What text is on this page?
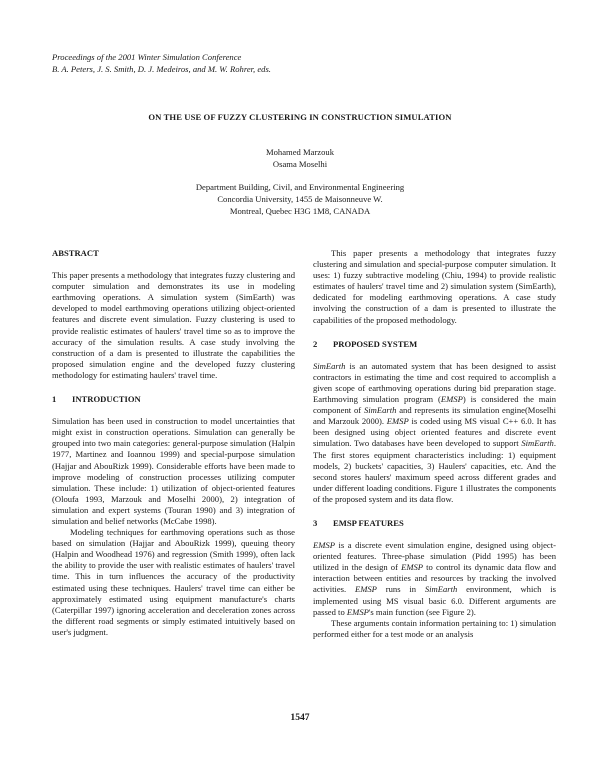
Proceedings of the 2001 Winter Simulation Conference
B. A. Peters, J. S. Smith, D. J. Medeiros, and M. W. Rohrer, eds.
ON THE USE OF FUZZY CLUSTERING IN CONSTRUCTION SIMULATION
Mohamed Marzouk
Osama Moselhi
Department Building, Civil, and Environmental Engineering
Concordia University, 1455 de Maisonneuve W.
Montreal, Quebec H3G 1M8, CANADA
ABSTRACT

This paper presents a methodology that integrates fuzzy clustering and computer simulation and demonstrates its use in modeling earthmoving operations. A simulation system (SimEarth) was developed to model earthmoving operations utilizing object-oriented features and discrete event simulation. Fuzzy clustering is used to provide realistic estimates of haulers' travel time so as to improve the accuracy of the simulation results. A case study involving the construction of a dam is presented to illustrate the capabilities the proposed simulation engine and the developed fuzzy clustering methodology for estimating haulers' travel time.

1 INTRODUCTION

Simulation has been used in construction to model uncertainties that might exist in construction operations. Simulation can generally be grouped into two main categories: general-purpose simulation (Halpin 1977, Martinez and Ioannou 1999) and special-purpose simulation (Hajjar and AbouRizk 1999). Considerable efforts have been made to improve modeling of construction processes utilizing computer simulation. These include: 1) utilization of object-oriented features (Oloufa 1993, Marzouk and Moselhi 2000), 2) integration of simulation and expert systems (Touran 1990) and 3) integration of simulation and belief networks (McCabe 1998).

Modeling techniques for earthmoving operations such as those based on simulation (Hajjar and AbouRizk 1999), queuing theory (Halpin and Woodhead 1976) and regression (Smith 1999), often lack the ability to provide the user with realistic estimates of haulers' travel time. This in turn influences the accuracy of the productivity estimated using these techniques. Haulers' travel time can either be approximately estimated using equipment manufacture's charts (Caterpillar 1997) ignoring acceleration and deceleration zones across the different road segments or simply estimated intuitively based on user's judgment.

This paper presents a methodology that integrates fuzzy clustering and simulation and special-purpose computer simulation. It uses: 1) fuzzy subtractive modeling (Chiu, 1994) to provide realistic estimates of haulers' travel time and 2) simulation system (SimEarth), dedicated for modeling earthmoving operations. A case study involving the construction of a dam is presented to illustrate the capabilities of the proposed methodology.

2 PROPOSED SYSTEM

SimEarth is an automated system that has been designed to assist contractors in estimating the time and cost required to accomplish a given scope of earthmoving operations during bid preparation stage. Earthmoving simulation program (EMSP) is considered the main component of SimEarth and represents its simulation engine(Moselhi and Marzouk 2000). EMSP is coded using MS visual C++ 6.0. It has been designed using object oriented features and discrete event simulation. Two databases have been developed to support SimEarth. The first stores equipment characteristics including: 1) equipment models, 2) buckets' capacities, 3) Haulers' capacities, etc. And the second stores haulers' maximum speed across different grades and under different loading conditions. Figure 1 illustrates the components of the proposed system and its data flow.

3 EMSP FEATURES

EMSP is a discrete event simulation engine, designed using object-oriented features. Three-phase simulation (Pidd 1995) has been utilized in the design of EMSP to control its dynamic data flow and interaction between entities and resources by tracking the involved activities. EMSP runs in SimEarth environment, which is implemented using MS visual basic 6.0. Different arguments are passed to EMSP's main function (see Figure 2).

These arguments contain information pertaining to: 1) simulation performed either for a test mode or an analysis

1547
